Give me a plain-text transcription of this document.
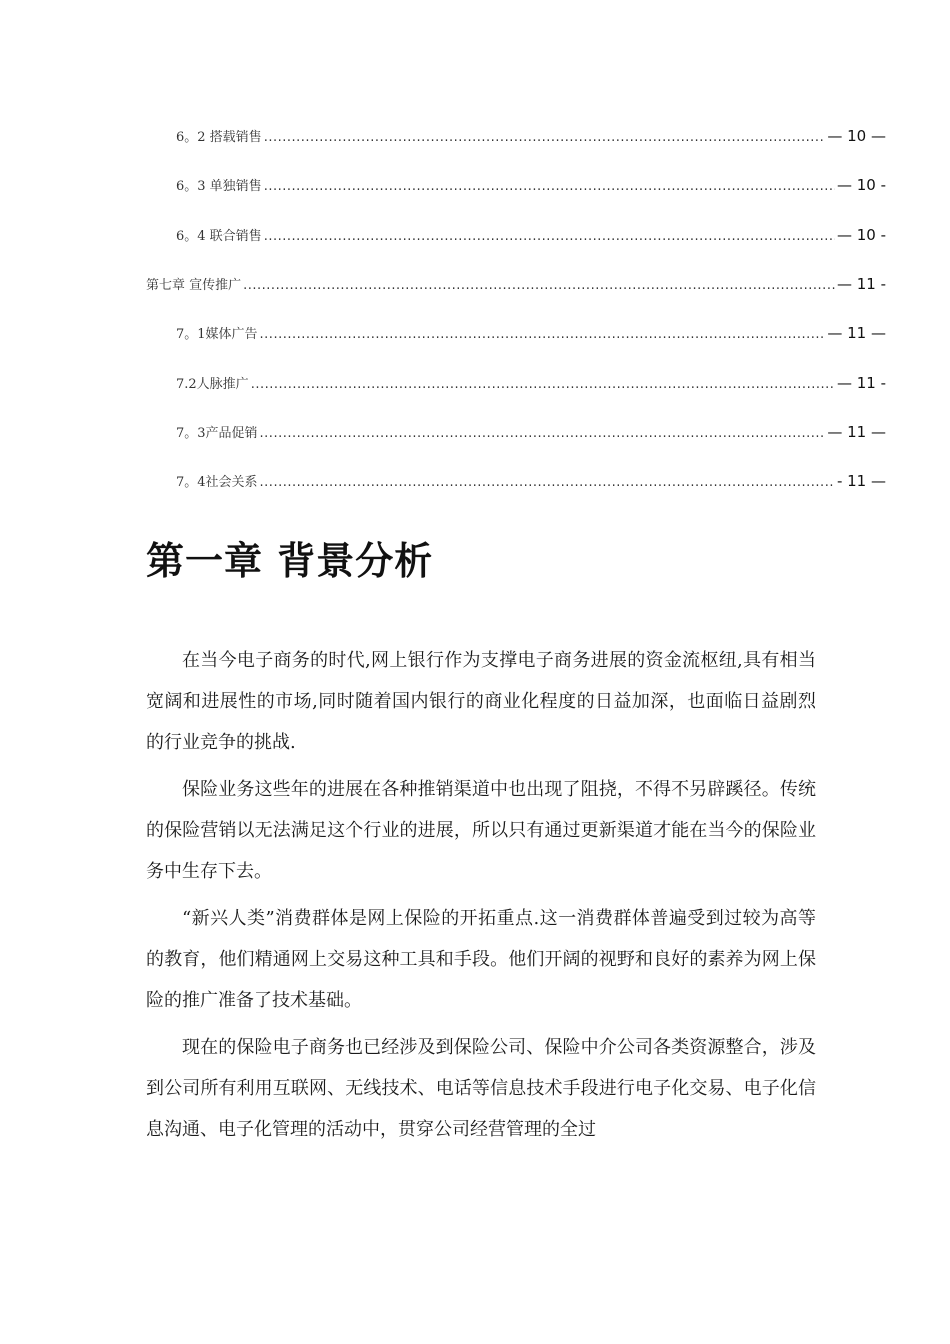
6。2 搭载销售 .....	— 10 —
6。3 单独销售 .....	— 10 -
6。4 联合销售 .....	— 10 -
第七章 宣传推广 .....	— 11 -
7。1媒体广告 .....	— 11 —
7.2人脉推广 .....	— 11 -
7。3产品促销 .....	— 11 —
7。4社会关系 .....	- 11 —
第一章 背景分析

在当今电子商务的时代,网上银行作为支撑电子商务进展的资金流枢纽,具有相当宽阔和进展性的市场,同时随着国内银行的商业化程度的日益加深，也面临日益剧烈的行业竞争的挑战.

保险业务这些年的进展在各种推销渠道中也出现了阻挠，不得不另辟蹊径。传统的保险营销以无法满足这个行业的进展，所以只有通过更新渠道才能在当今的保险业务中生存下去。

“新兴人类”消费群体是网上保险的开拓重点.这一消费群体普遍受到过较为高等的教育，他们精通网上交易这种工具和手段。他们开阔的视野和良好的素养为网上保险的推广准备了技术基础。

现在的保险电子商务也已经涉及到保险公司、保险中介公司各类资源整合，涉及到公司所有利用互联网、无线技术、电话等信息技术手段进行电子化交易、电子化信息沟通、电子化管理的活动中，贯穿公司经营管理的全过
